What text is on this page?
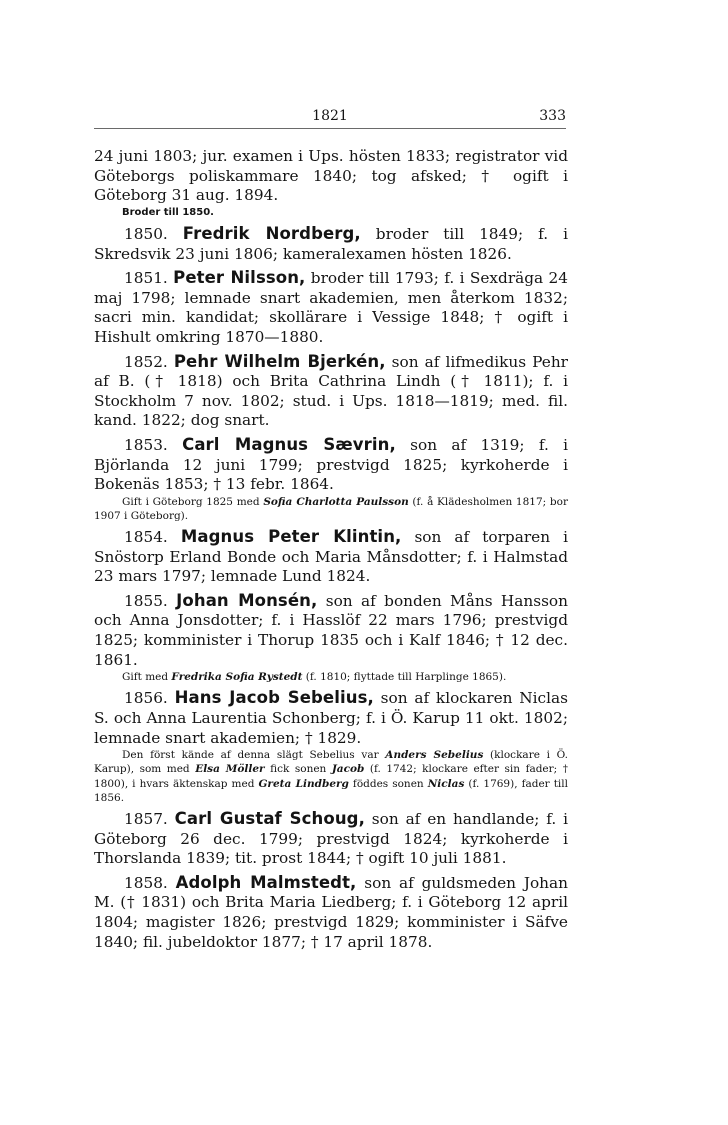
1821	333

24 juni 1803; jur. examen i Ups. hösten 1833; registrator vid Göteborgs poliskammare 1840; tog afsked; † ogift i Göteborg 31 aug. 1894.

Broder till 1850.

1850. Fredrik Nordberg, broder till 1849; f. i Skredsvik 23 juni 1806; kameralexamen hösten 1826.

1851. Peter Nilsson, broder till 1793; f. i Sexdräga 24 maj 1798; lemnade snart akademien, men återkom 1832; sacri min. kandidat; skollärare i Vessige 1848; † ogift i Hishult omkring 1870—1880.

1852. Pehr Wilhelm Bjerkén, son af lifmedikus Pehr af B. († 1818) och Brita Cathrina Lindh († 1811); f. i Stockholm 7 nov. 1802; stud. i Ups. 1818—1819; med. fil. kand. 1822; dog snart.

1853. Carl Magnus Sævrin, son af 1319; f. i Björlanda 12 juni 1799; prestvigd 1825; kyrkoherde i Bokenäs 1853; † 13 febr. 1864.

Gift i Göteborg 1825 med Sofia Charlotta Paulsson (f. å Klädesholmen 1817; bor 1907 i Göteborg).

1854. Magnus Peter Klintin, son af torparen i Snöstorp Erland Bonde och Maria Månsdotter; f. i Halmstad 23 mars 1797; lemnade Lund 1824.

1855. Johan Monsén, son af bonden Måns Hansson och Anna Jonsdotter; f. i Hasslöf 22 mars 1796; prestvigd 1825; komminister i Thorup 1835 och i Kalf 1846; † 12 dec. 1861.

Gift med Fredrika Sofia Rystedt (f. 1810; flyttade till Harplinge 1865).

1856. Hans Jacob Sebelius, son af klockaren Niclas S. och Anna Laurentia Schonberg; f. i Ö. Karup 11 okt. 1802; lemnade snart akademien; † 1829.

Den först kände af denna slägt Sebelius var Anders Sebelius (klockare i Ö. Karup), som med Elsa Möller fick sonen Jacob (f. 1742; klockare efter sin fader; † 1800), i hvars äktenskap med Greta Lindberg föddes sonen Niclas (f. 1769), fader till 1856.

1857. Carl Gustaf Schoug, son af en handlande; f. i Göteborg 26 dec. 1799; prestvigd 1824; kyrkoherde i Thorslanda 1839; tit. prost 1844; † ogift 10 juli 1881.

1858. Adolph Malmstedt, son af guldsmeden Johan M. († 1831) och Brita Maria Liedberg; f. i Göteborg 12 april 1804; magister 1826; prestvigd 1829; komminister i Säfve 1840; fil. jubeldoktor 1877; † 17 april 1878.
